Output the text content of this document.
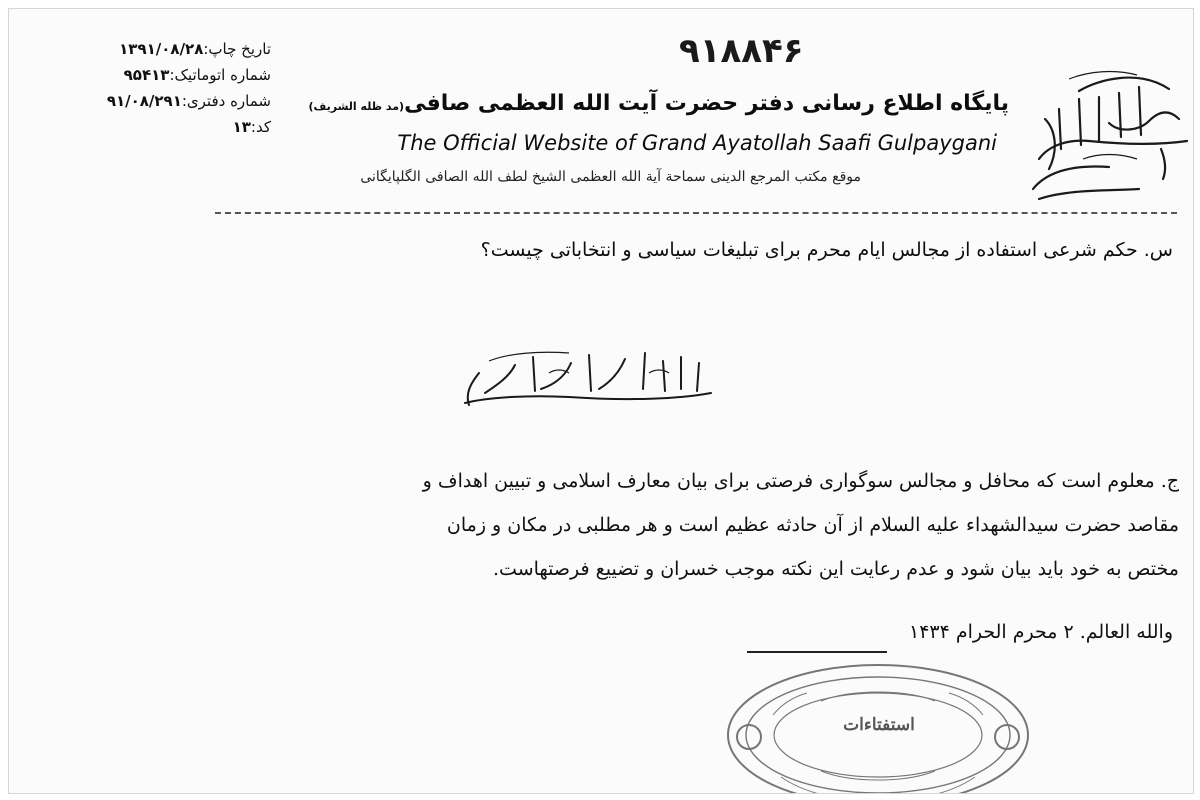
تاریخ چاپ:۱۳۹۱/۰۸/۲۸
شماره اتوماتیک:۹۵۴۱۳
شماره دفتری:۹۱/۰۸/۲۹۱
کد:۱۳
۹۱۸۸۴۶
پایگاه اطلاع رسانی دفتر حضرت آیت الله العظمی صافی(مد ظله الشریف)
The Official Website of Grand Ayatollah Saafi Gulpaygani
موقع مکتب المرجع الدینی سماحة آیة الله العظمی الشیخ لطف الله الصافی الگلپایگانی
س. حکم شرعی استفاده از مجالس ایام محرم برای تبلیغات سیاسی و انتخاباتی چیست؟
ج. معلوم است که محافل و مجالس سوگواری فرصتی برای بیان معارف اسلامی و تبیین اهداف و
مقاصد حضرت سیدالشهداء علیه السلام از آن حادثه عظیم است و هر مطلبی در مکان و زمان
مختص به خود باید بیان شود و عدم رعایت این نکته موجب خسران و تضییع فرصتهاست.
والله العالم. ۲ محرم الحرام ۱۴۳۴
استفتاءات
